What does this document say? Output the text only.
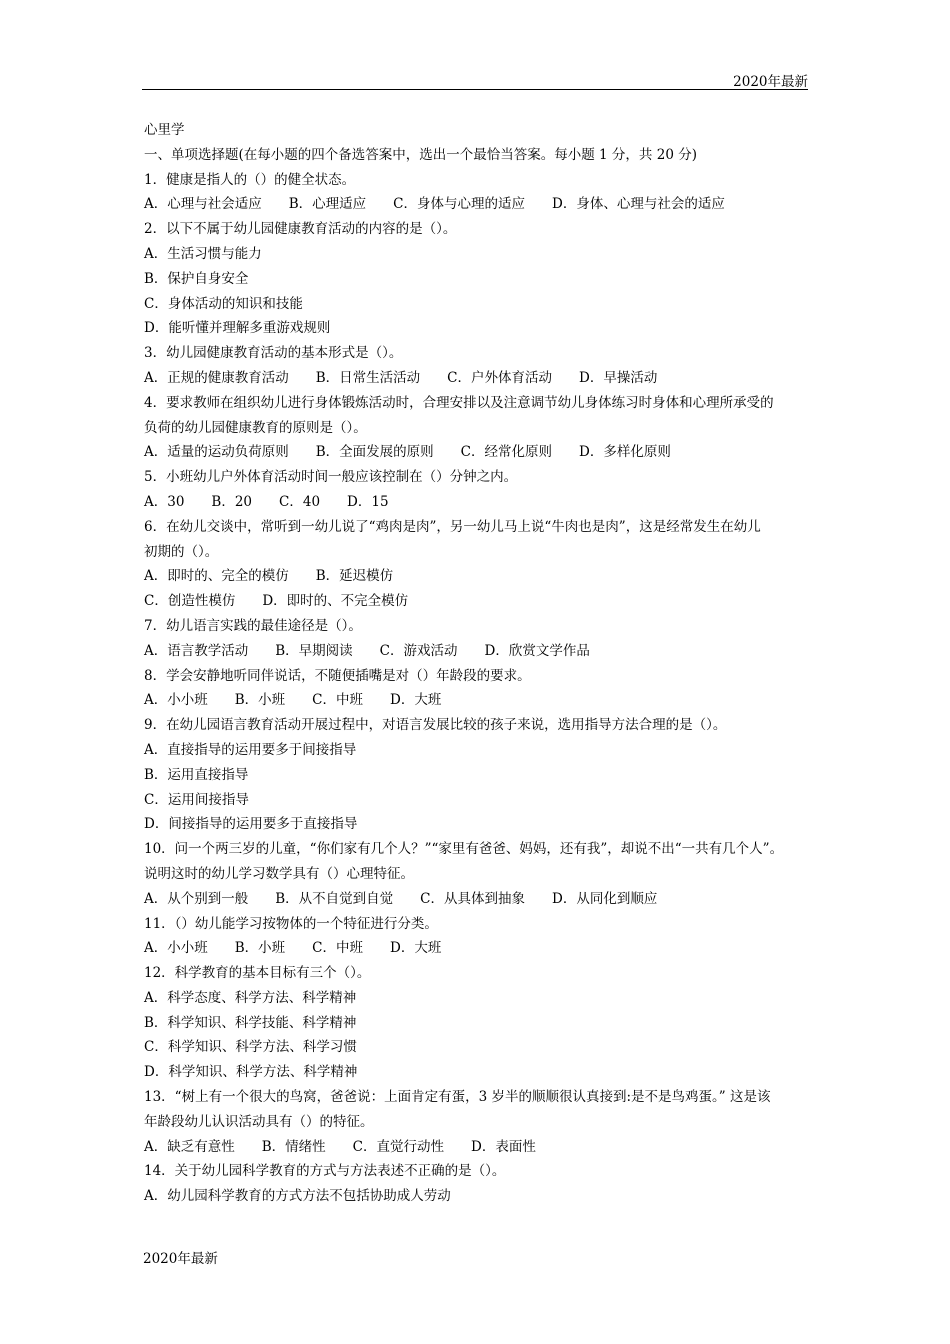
2020年最新
心里学
一、单项选择题(在每小题的四个备选答案中，选出一个最恰当答案。每小题 1 分，共 20 分)
1．健康是指人的（）的健全状态。
A．心理与社会适应　　B．心理适应　　C．身体与心理的适应　　D．身体、心理与社会的适应
2．以下不属于幼儿园健康教育活动的内容的是（）。
A．生活习惯与能力
B．保护自身安全
C．身体活动的知识和技能
D．能听懂并理解多重游戏规则
3．幼儿园健康教育活动的基本形式是（）。
A．正规的健康教育活动　　B．日常生活活动　　C．户外体育活动　　D．早操活动
4．要求教师在组织幼儿进行身体锻炼活动时，合理安排以及注意调节幼儿身体练习时身体和心理所承受的
负荷的幼儿园健康教育的原则是（）。
A．适量的运动负荷原则　　B．全面发展的原则　　C．经常化原则　　D．多样化原则
5．小班幼儿户外体育活动时间一般应该控制在（）分钟之内。
A．30　　B．20　　C．40　　D．15
6．在幼儿交谈中，常听到一幼儿说了“鸡肉是肉”，另一幼儿马上说“牛肉也是肉”，这是经常发生在幼儿
初期的（）。
A．即时的、完全的模仿　　B．延迟模仿
C．创造性模仿　　D．即时的、不完全模仿
7．幼儿语言实践的最佳途径是（）。
A．语言教学活动　　B．早期阅读　　C．游戏活动　　D．欣赏文学作品
8．学会安静地听同伴说话，不随便插嘴是对（）年龄段的要求。
A．小小班　　B．小班　　C．中班　　D．大班
9．在幼儿园语言教育活动开展过程中，对语言发展比较的孩子来说，选用指导方法合理的是（）。
A．直接指导的运用要多于间接指导
B．运用直接指导
C．运用间接指导
D．间接指导的运用要多于直接指导
10．问一个两三岁的儿童，“你们家有几个人？”“家里有爸爸、妈妈，还有我”，却说不出“一共有几个人”。
说明这时的幼儿学习数学具有（）心理特征。
A．从个别到一般　　B．从不自觉到自觉　　C．从具体到抽象　　D．从同化到顺应
11．（）幼儿能学习按物体的一个特征进行分类。
A．小小班　　B．小班　　C．中班　　D．大班
12．科学教育的基本目标有三个（）。
A．科学态度、科学方法、科学精神
B．科学知识、科学技能、科学精神
C．科学知识、科学方法、科学习惯
D．科学知识、科学方法、科学精神
13．“树上有一个很大的鸟窝，爸爸说：上面肯定有蛋，3 岁半的顺顺很认真接到:是不是鸟鸡蛋。” 这是该
年龄段幼儿认识活动具有（）的特征。
A．缺乏有意性　　B．情绪性　　C．直觉行动性　　D．表面性
14．关于幼儿园科学教育的方式与方法表述不正确的是（）。
A．幼儿园科学教育的方式方法不包括协助成人劳动
2020年最新
